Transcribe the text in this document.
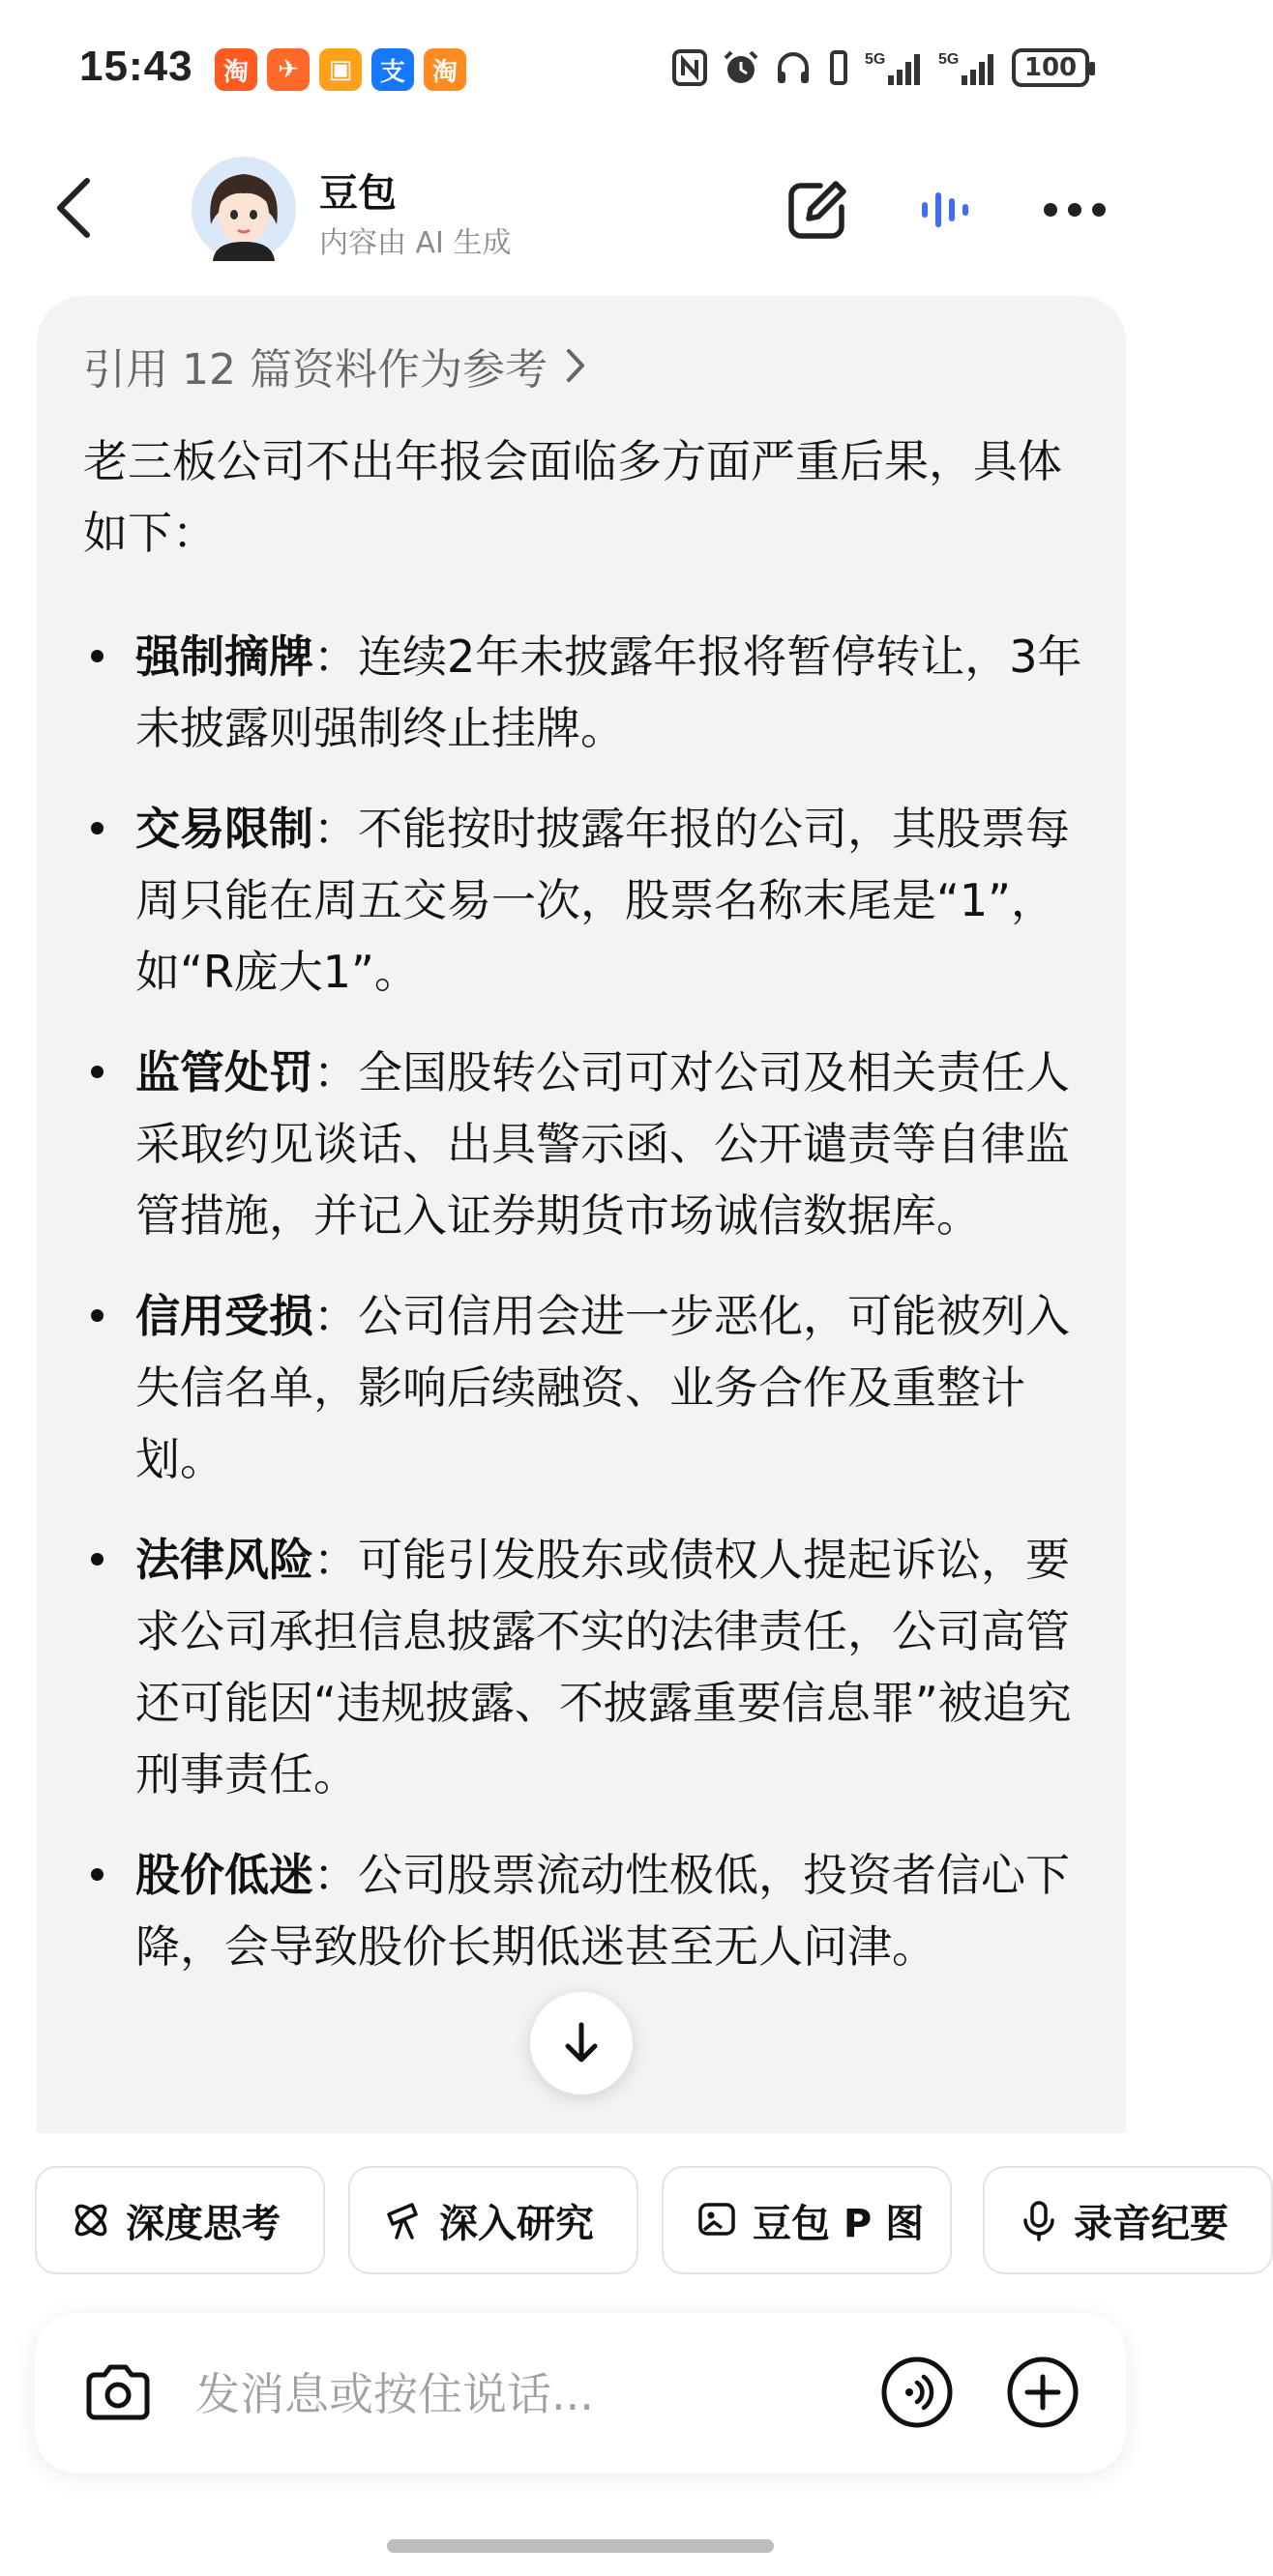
15:43	淘	✈	▣	支	淘	5G	5G	100
豆包
内容由 AI 生成
引用 12 篇资料作为参考
老三板公司不出年报会面临多方面严重后果，具体如下：
强制摘牌：连续2年未披露年报将暂停转让，3年未披露则强制终止挂牌。
交易限制：不能按时披露年报的公司，其股票每周只能在周五交易一次，股票名称末尾是“1”，如“R庞大1”。
监管处罚：全国股转公司可对公司及相关责任人采取约见谈话、出具警示函、公开谴责等自律监管措施，并记入证券期货市场诚信数据库。
信用受损：公司信用会进一步恶化，可能被列入失信名单，影响后续融资、业务合作及重整计划。
法律风险：可能引发股东或债权人提起诉讼，要求公司承担信息披露不实的法律责任，公司高管还可能因“违规披露、不披露重要信息罪”被追究刑事责任。
股价低迷：公司股票流动性极低，投资者信心下降，会导致股价长期低迷甚至无人问津。
深度思考	深入研究	豆包 P 图	录音纪要
发消息或按住说话...
